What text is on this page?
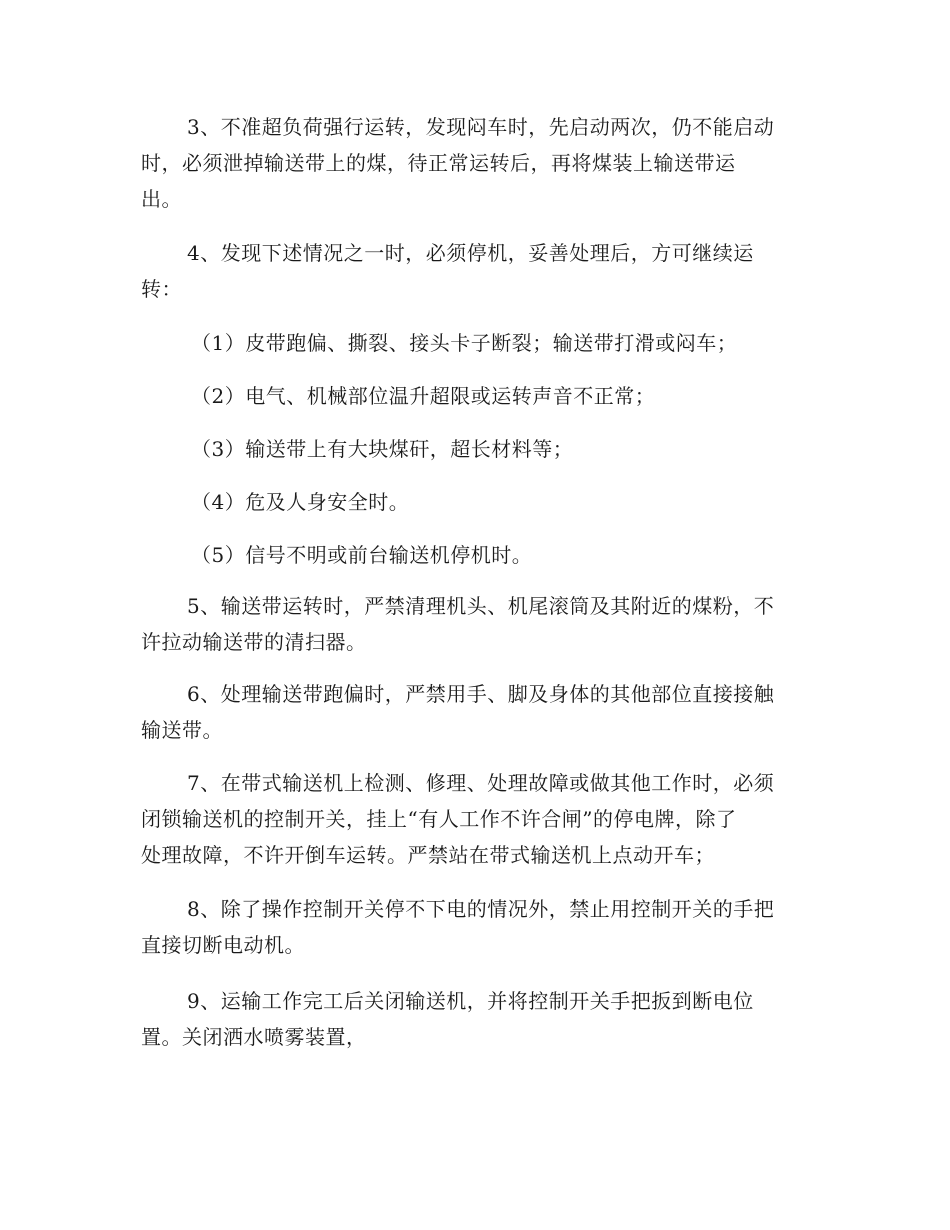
3、不准超负荷强行运转，发现闷车时，先启动两次，仍不能启动
时，必须泄掉输送带上的煤，待正常运转后，再将煤装上输送带运
出。
4、发现下述情况之一时，必须停机，妥善处理后，方可继续运
转：
（1）皮带跑偏、撕裂、接头卡子断裂；输送带打滑或闷车；
（2）电气、机械部位温升超限或运转声音不正常；
（3）输送带上有大块煤矸，超长材料等；
（4）危及人身安全时。
（5）信号不明或前台输送机停机时。
5、输送带运转时，严禁清理机头、机尾滚筒及其附近的煤粉，不
许拉动输送带的清扫器。
6、处理输送带跑偏时，严禁用手、脚及身体的其他部位直接接触
输送带。
7、在带式输送机上检测、修理、处理故障或做其他工作时，必须
闭锁输送机的控制开关，挂上“有人工作不许合闸”的停电牌，除了
处理故障，不许开倒车运转。严禁站在带式输送机上点动开车；
8、除了操作控制开关停不下电的情况外，禁止用控制开关的手把
直接切断电动机。
9、运输工作完工后关闭输送机，并将控制开关手把扳到断电位
置。关闭洒水喷雾装置，
